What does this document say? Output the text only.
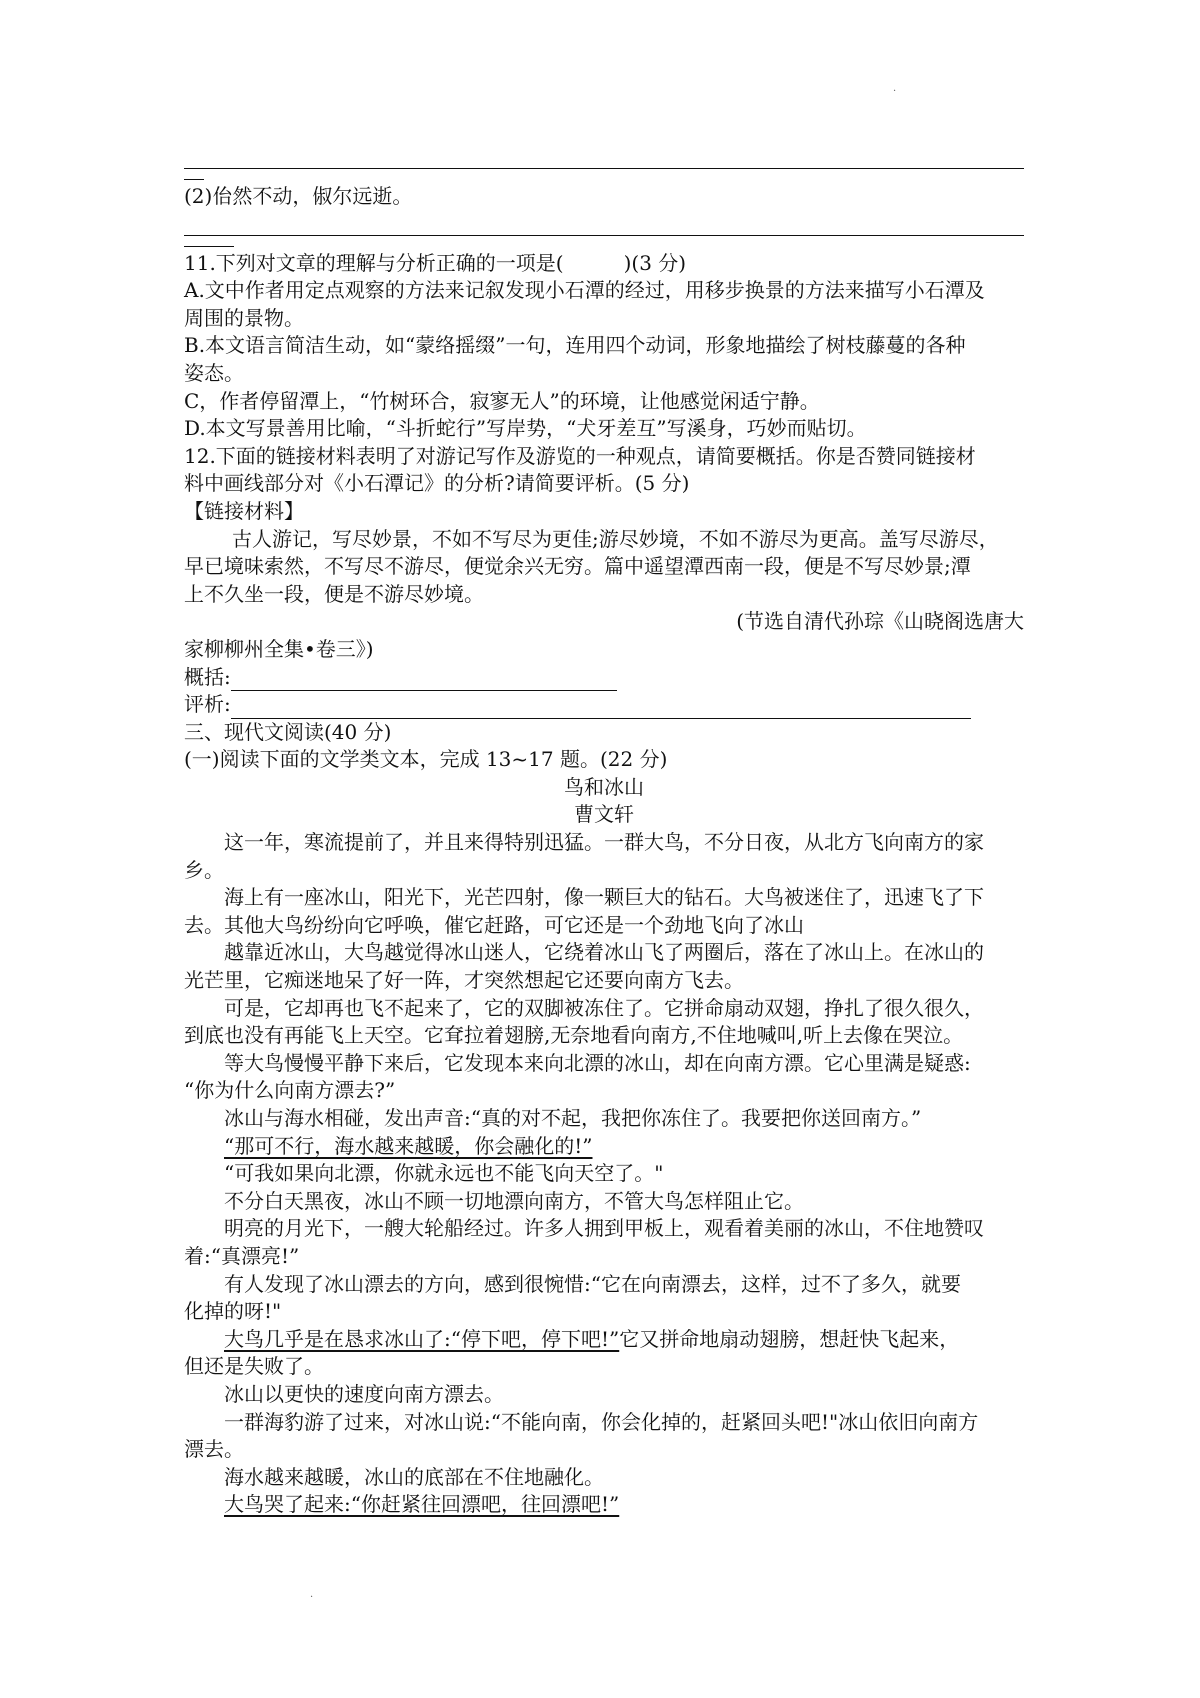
·
·
(2)佁然不动，俶尔远逝。
11.下列对文章的理解与分析正确的一项是(	)(3 分)
A.文中作者用定点观察的方法来记叙发现小石潭的经过，用移步换景的方法来描写小石潭及
周围的景物。
B.本文语言简洁生动，如“蒙络摇缀”一句，连用四个动词，形象地描绘了树枝藤蔓的各种
姿态。
C，作者停留潭上，“竹树环合，寂寥无人”的环境，让他感觉闲适宁静。
D.本文写景善用比喻，“斗折蛇行”写岸势，“犬牙差互”写溪身，巧妙而贴切。
12.下面的链接材料表明了对游记写作及游览的一种观点，请简要概括。你是否赞同链接材
料中画线部分对《小石潭记》的分析?请简要评析。(5 分)
【链接材料】
古人游记，写尽妙景，不如不写尽为更佳;游尽妙境，不如不游尽为更高。盖写尽游尽，
早已境味索然，不写尽不游尽，便觉余兴无穷。篇中遥望潭西南一段，便是不写尽妙景;潭
上不久坐一段，便是不游尽妙境。
(节选自清代孙琮《山晓阁选唐大
家柳柳州全集•卷三》)
概括:
评析:
三、现代文阅读(40 分)
(一)阅读下面的文学类文本，完成 13~17 题。(22 分)
鸟和冰山
曹文轩
这一年，寒流提前了，并且来得特别迅猛。一群大鸟，不分日夜，从北方飞向南方的家
乡。
海上有一座冰山，阳光下，光芒四射，像一颗巨大的钻石。大鸟被迷住了，迅速飞了下
去。其他大鸟纷纷向它呼唤，催它赶路，可它还是一个劲地飞向了冰山
越靠近冰山，大鸟越觉得冰山迷人，它绕着冰山飞了两圈后，落在了冰山上。在冰山的
光芒里，它痴迷地呆了好一阵，才突然想起它还要向南方飞去。
可是，它却再也飞不起来了，它的双脚被冻住了。它拼命扇动双翅，挣扎了很久很久，
到底也没有再能飞上天空。它耷拉着翅膀,无奈地看向南方,不住地喊叫,听上去像在哭泣。
等大鸟慢慢平静下来后，它发现本来向北漂的冰山，却在向南方漂。它心里满是疑惑:
“你为什么向南方漂去?”
冰山与海水相碰，发出声音:“真的对不起，我把你冻住了。我要把你送回南方。”
“那可不行，海水越来越暖，你会融化的!”
“可我如果向北漂，你就永远也不能飞向天空了。"
不分白天黑夜，冰山不顾一切地漂向南方，不管大鸟怎样阻止它。
明亮的月光下，一艘大轮船经过。许多人拥到甲板上，观看着美丽的冰山，不住地赞叹
着:“真漂亮!”
有人发现了冰山漂去的方向，感到很惋惜:“它在向南漂去，这样，过不了多久，就要
化掉的呀!"
大鸟几乎是在恳求冰山了:“停下吧，停下吧!”它又拼命地扇动翅膀，想赶快飞起来，
但还是失败了。
冰山以更快的速度向南方漂去。
一群海豹游了过来，对冰山说:“不能向南，你会化掉的，赶紧回头吧!"冰山依旧向南方
漂去。
海水越来越暖，冰山的底部在不住地融化。
大鸟哭了起来:“你赶紧往回漂吧，往回漂吧!”
